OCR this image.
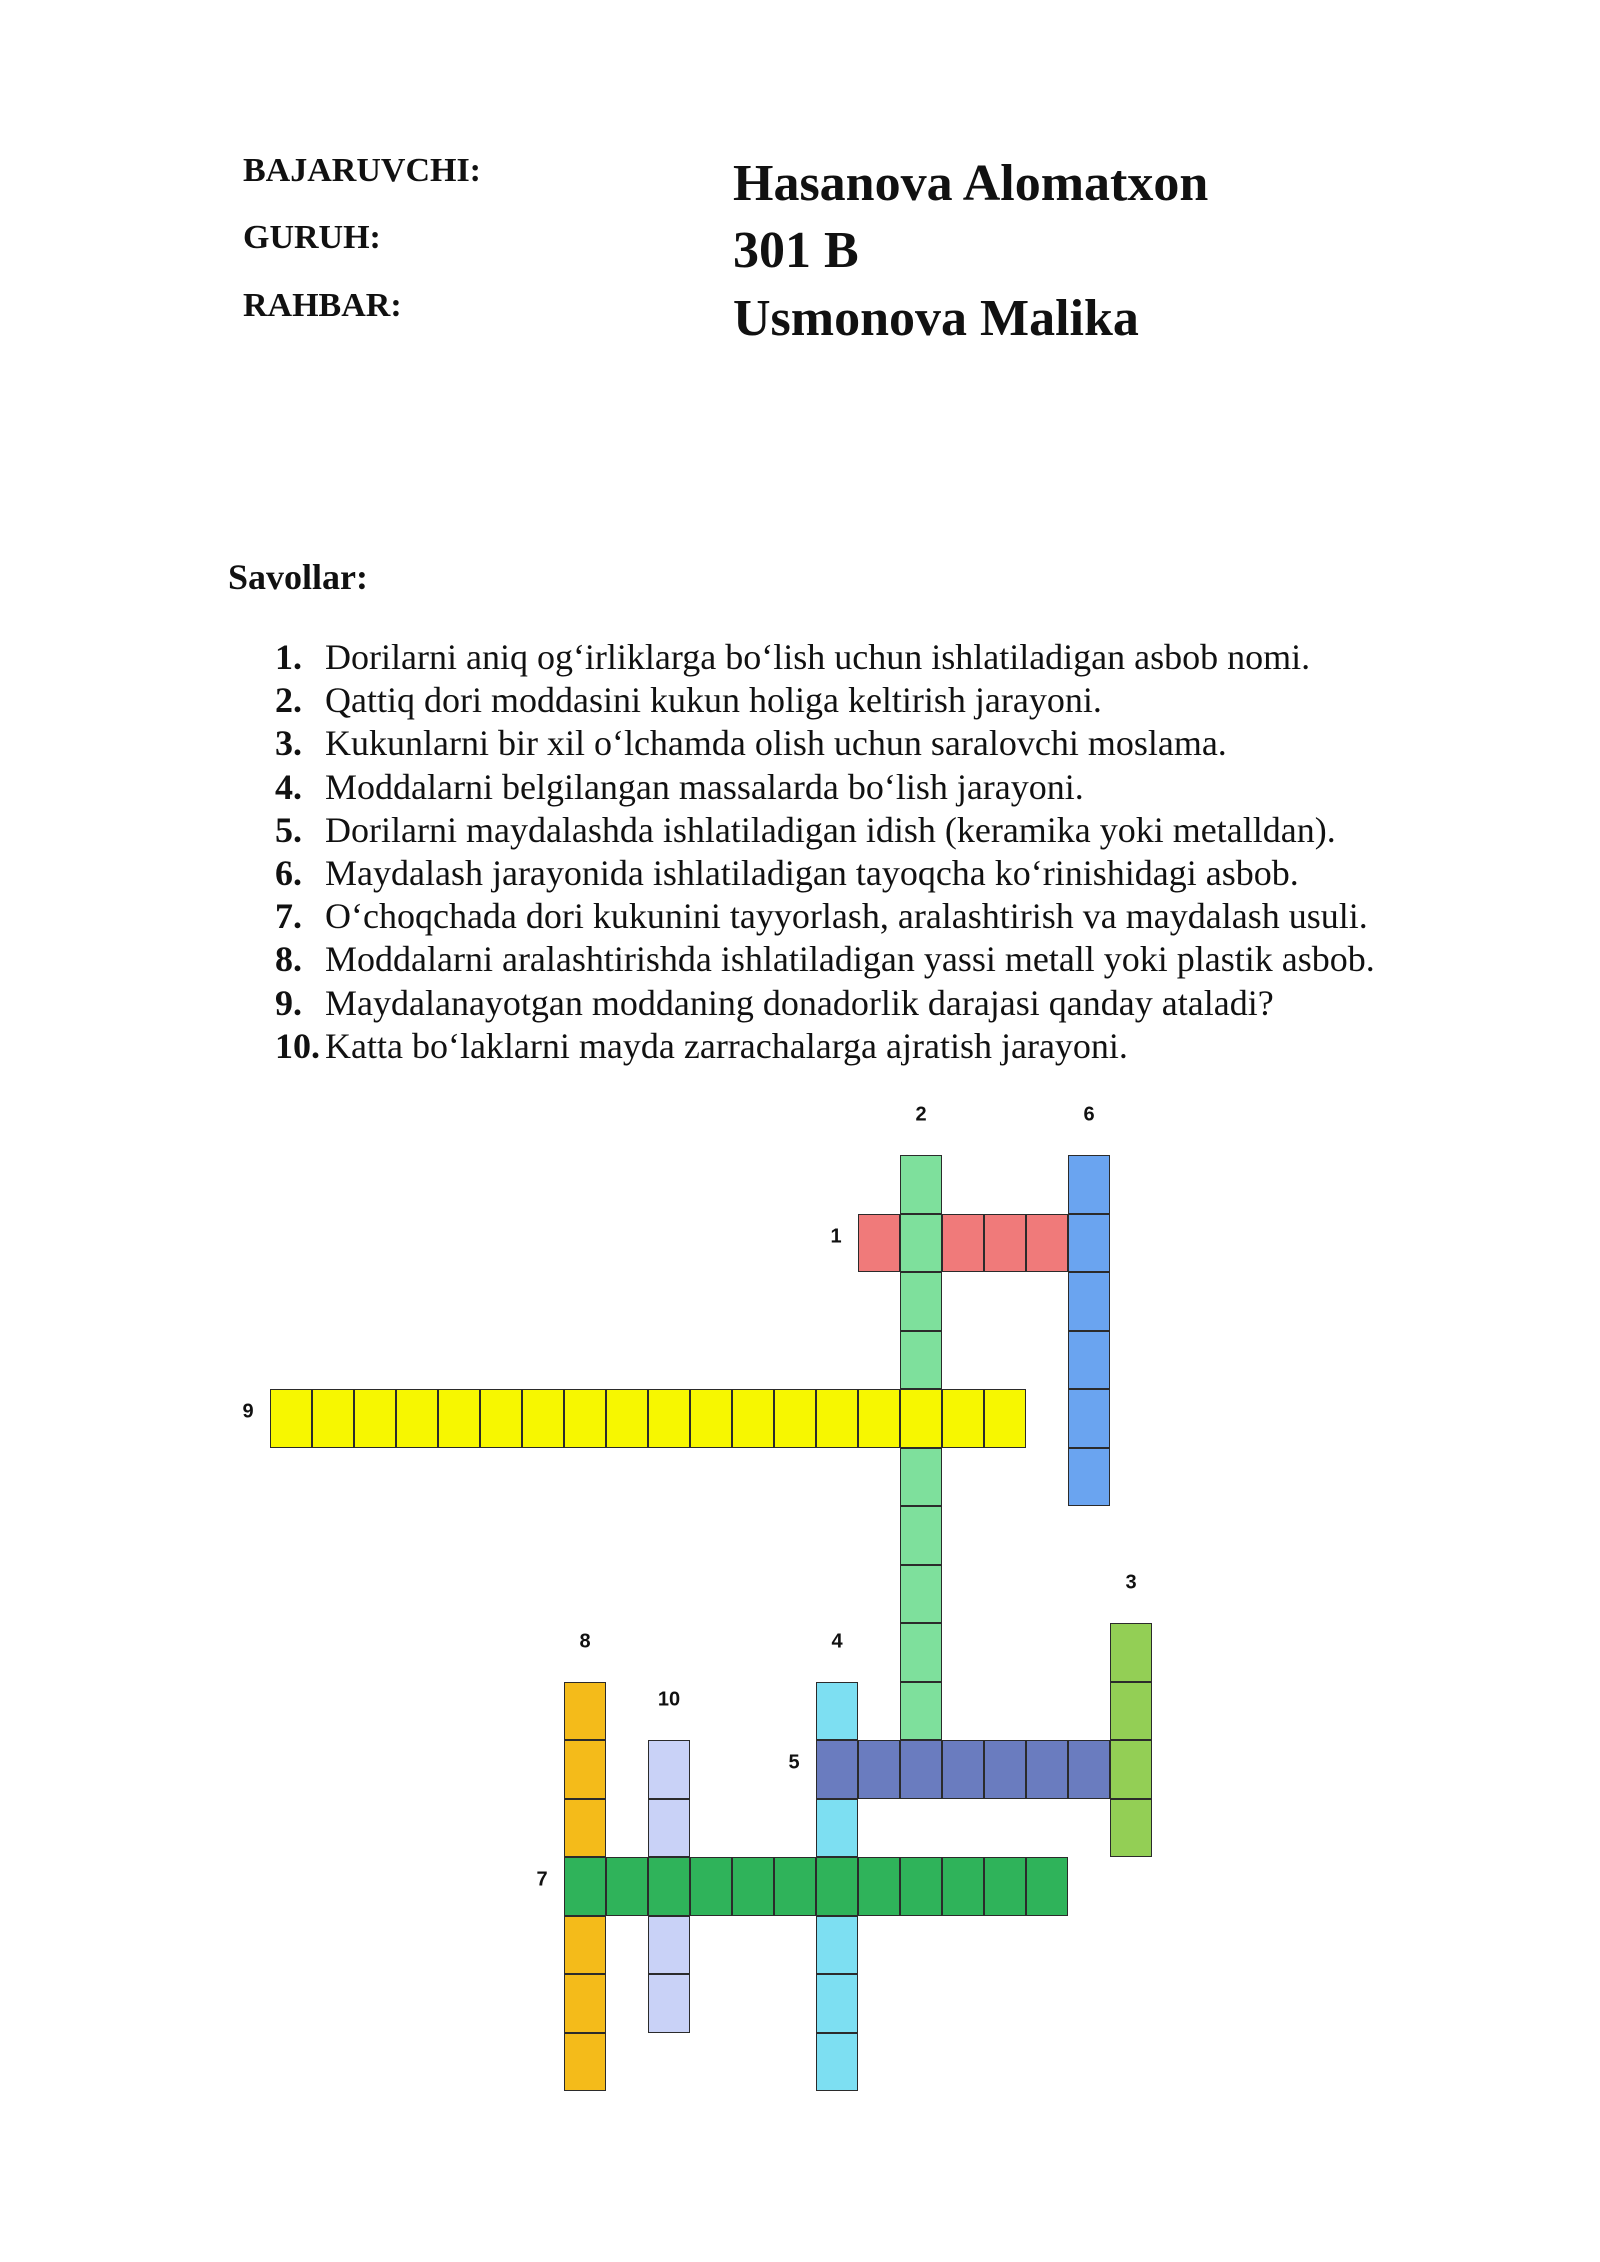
BAJARUVCHI:	Hasanova Alomatxon
GURUH:	301 B
RAHBAR:	Usmonova Malika
Savollar:
1. Dorilarni aniq og‘irliklarga bo‘lish uchun ishlatiladigan asbob nomi.
2. Qattiq dori moddasini kukun holiga keltirish jarayoni.
3. Kukunlarni bir xil o‘lchamda olish uchun saralovchi moslama.
4. Moddalarni belgilangan massalarda bo‘lish jarayoni.
5. Dorilarni maydalashda ishlatiladigan idish (keramika yoki metalldan).
6. Maydalash jarayonida ishlatiladigan tayoqcha ko‘rinishidagi asbob.
7. O‘choqchada dori kukunini tayyorlash, aralashtirish va maydalash usuli.
8. Moddalarni aralashtirishda ishlatiladigan yassi metall yoki plastik asbob.
9. Maydalanayotgan moddaning donadorlik darajasi qanday ataladi?
10. Katta bo‘laklarni mayda zarrachalarga ajratish jarayoni.
1
2
3
4
5
6
7
8
9
10
